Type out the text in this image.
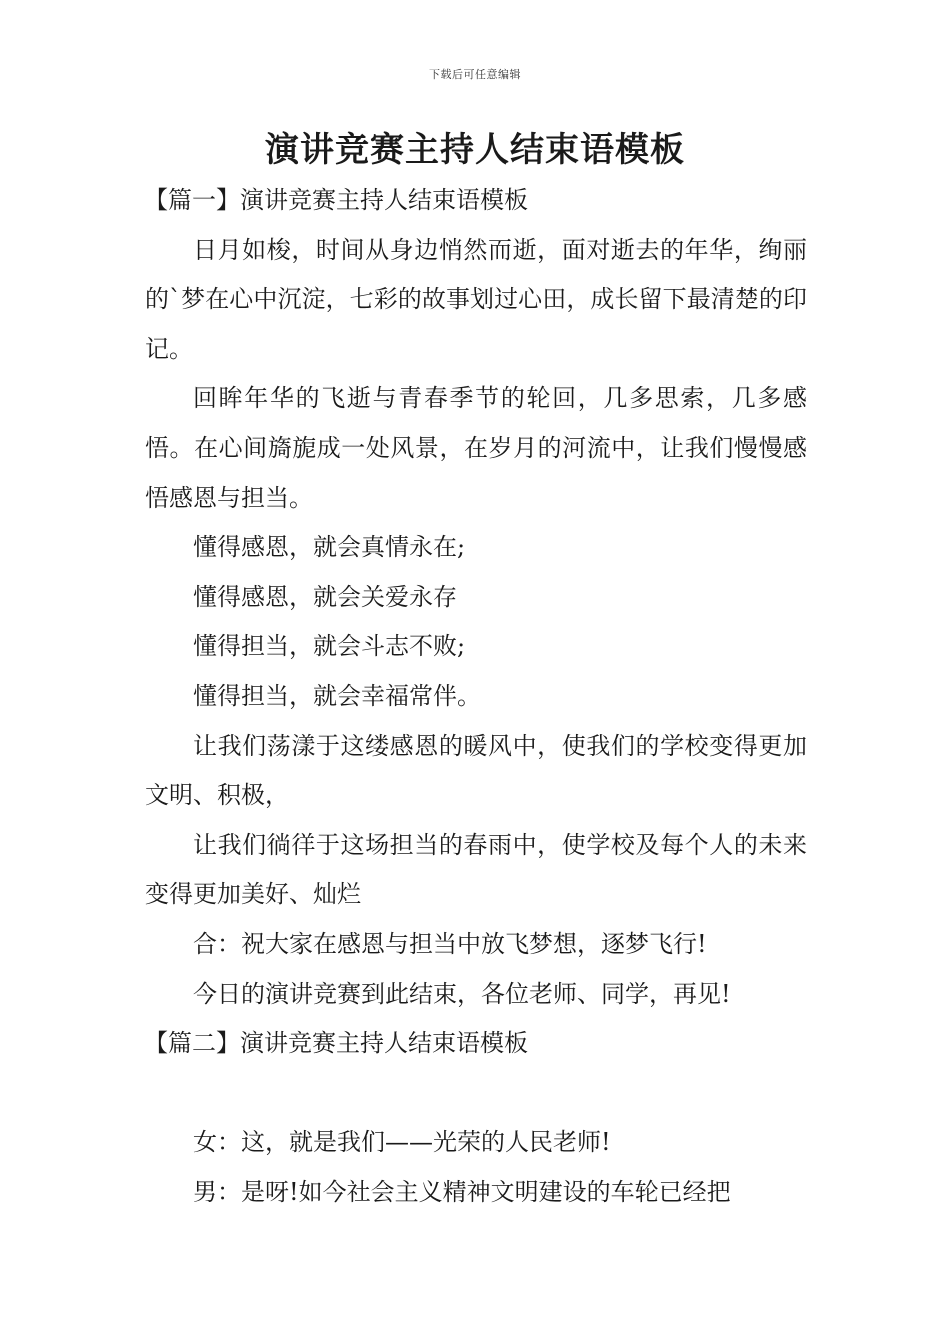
下载后可任意编辑
演讲竞赛主持人结束语模板

【篇一】演讲竞赛主持人结束语模板

日月如梭，时间从身边悄然而逝，面对逝去的年华，绚丽的`梦在心中沉淀，七彩的故事划过心田，成长留下最清楚的印记。

回眸年华的飞逝与青春季节的轮回，几多思索，几多感悟。在心间旖旎成一处风景，在岁月的河流中，让我们慢慢感悟感恩与担当。

懂得感恩，就会真情永在;

懂得感恩，就会关爱永存

懂得担当，就会斗志不败;

懂得担当，就会幸福常伴。

让我们荡漾于这缕感恩的暖风中，使我们的学校变得更加文明、积极，

让我们徜徉于这场担当的春雨中，使学校及每个人的未来变得更加美好、灿烂

合：祝大家在感恩与担当中放飞梦想，逐梦飞行!

今日的演讲竞赛到此结束，各位老师、同学，再见!

【篇二】演讲竞赛主持人结束语模板

女：这，就是我们——光荣的人民老师!

男：是呀!如今社会主义精神文明建设的车轮已经把
